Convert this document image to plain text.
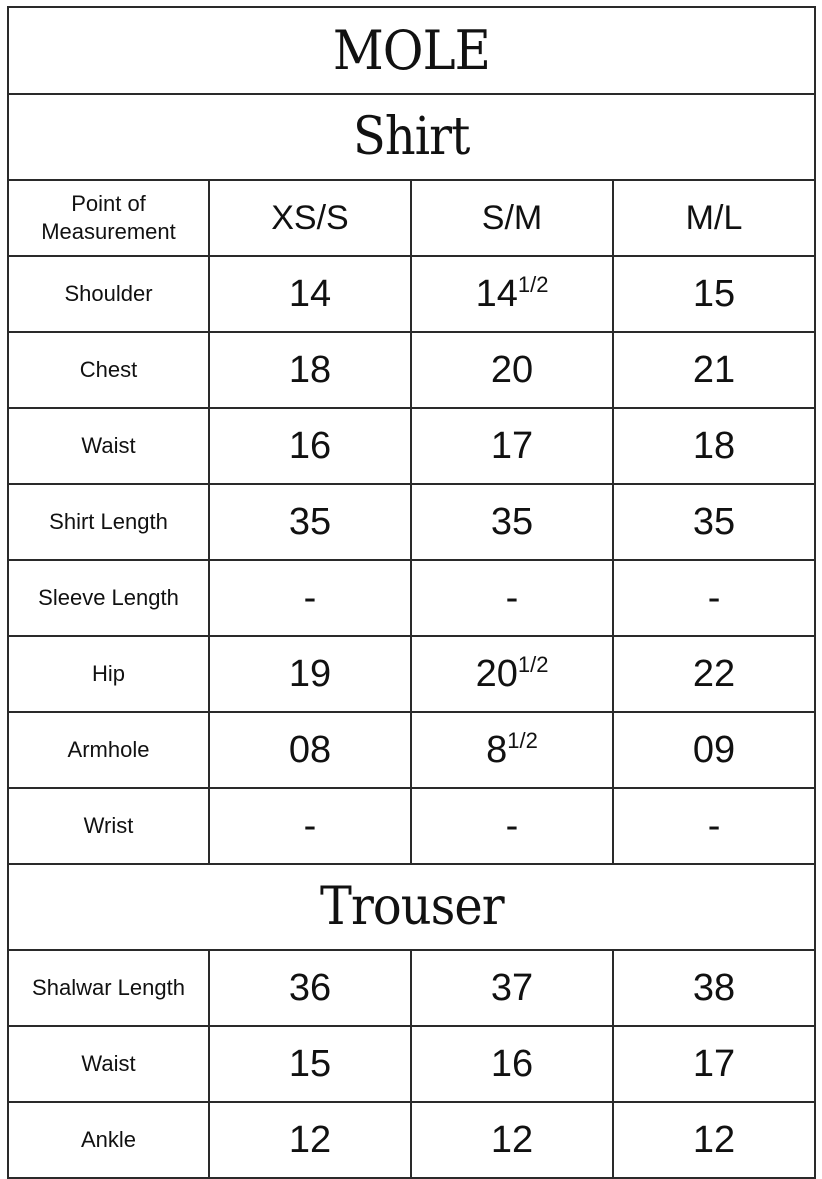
MOLE			
Shirt			

Point of
Measurement	XS/S	S/M	M/L
Shoulder	14	$14^{1/2}$	15
Chest	18	20	21
Waist	16	17	18
Shirt Length	35	35	35
Sleeve Length	-	-	-
Hip	19	$20^{1/2}$	22
Armhole	08	$8^{1/2}$	09
Wrist	-	-	-
Trouser			
Shalwar Length	36	37	38
Waist	15	16	17
Ankle	12	12	12
